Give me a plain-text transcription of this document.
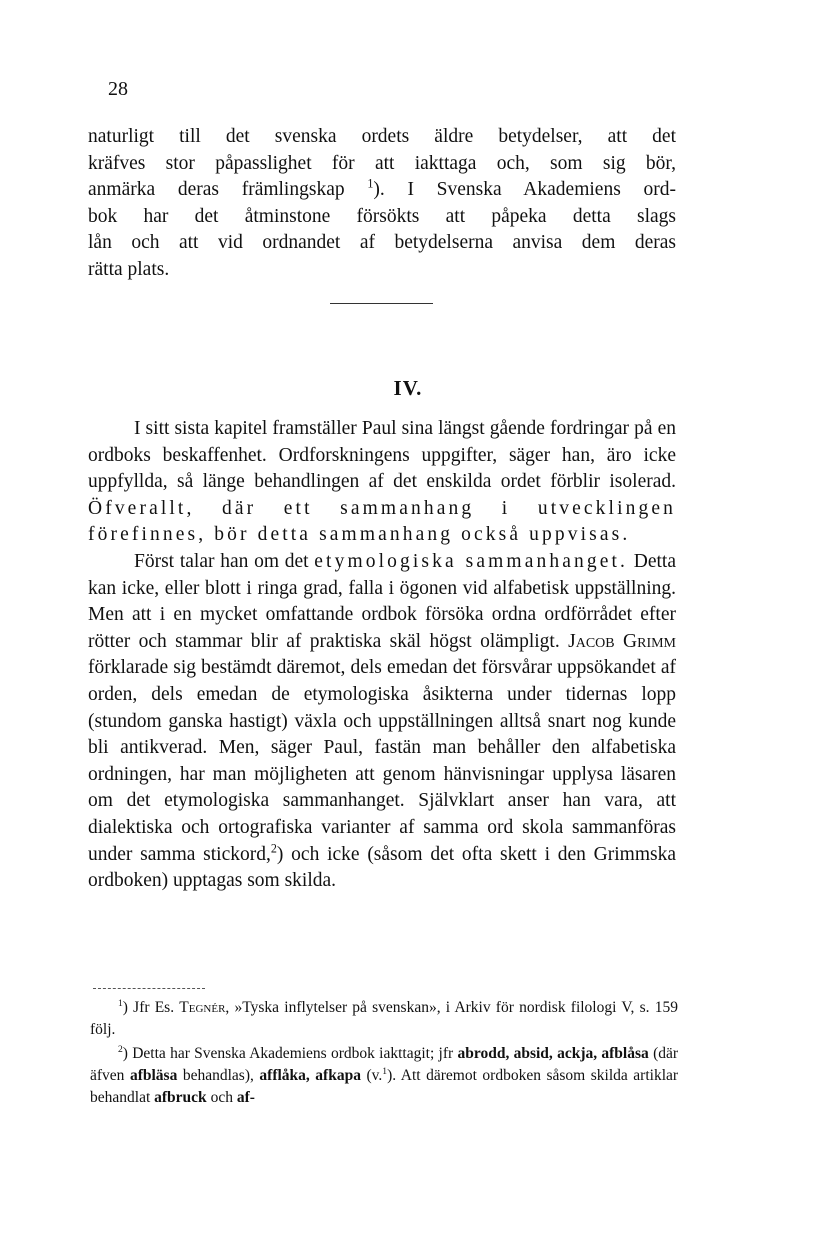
28

naturligt till det svenska ordets äldre betydelser, att det

kräfves stor påpasslighet för att iakttaga och, som sig bör,

anmärka deras främlingskap $^1$). I Svenska Akademiens ord-

bok har det åtminstone försökts att påpeka detta slags

lån och att vid ordnandet af betydelserna anvisa dem deras

rätta plats.

IV.

I sitt sista kapitel framställer Paul sina längst gående fordringar på en ordboks beskaffenhet. Ordforskningens uppgifter, säger han, äro icke uppfyllda, så länge behandlingen af det enskilda ordet förblir isolerad. Öfverallt, där ett sammanhang i utvecklingen förefinnes, bör detta sammanhang också uppvisas.

Först talar han om det etymologiska sammanhanget. Detta kan icke, eller blott i ringa grad, falla i ögonen vid alfabetisk uppställning. Men att i en mycket omfattande ordbok försöka ordna ordförrådet efter rötter och stammar blir af praktiska skäl högst olämpligt. Jacob Grimm förklarade sig bestämdt däremot, dels emedan det försvårar uppsökandet af orden, dels emedan de etymologiska åsikterna under tidernas lopp (stundom ganska hastigt) växla och uppställningen alltså snart nog kunde bli antikverad. Men, säger Paul, fastän man behåller den alfabetiska ordningen, har man möjligheten att genom hänvisningar upplysa läsaren om det etymologiska sammanhanget. Självklart anser han vara, att dialektiska och ortografiska varianter af samma ord skola sammanföras under samma stickord,$^2$) och icke (såsom det ofta skett i den Grimmska ordboken) upptagas som skilda.

$^1$) Jfr Es. Tegnér, »Tyska inflytelser på svenskan», i Arkiv för nordisk filologi V, s. 159 följ.

$^2$) Detta har Svenska Akademiens ordbok iakttagit; jfr abrodd, absid, ackja, afblåsa (där äfven afbläsa behandlas), afflåka, afkapa (v.$^1$). Att däremot ordboken såsom skilda artiklar behandlat afbruck och af-
